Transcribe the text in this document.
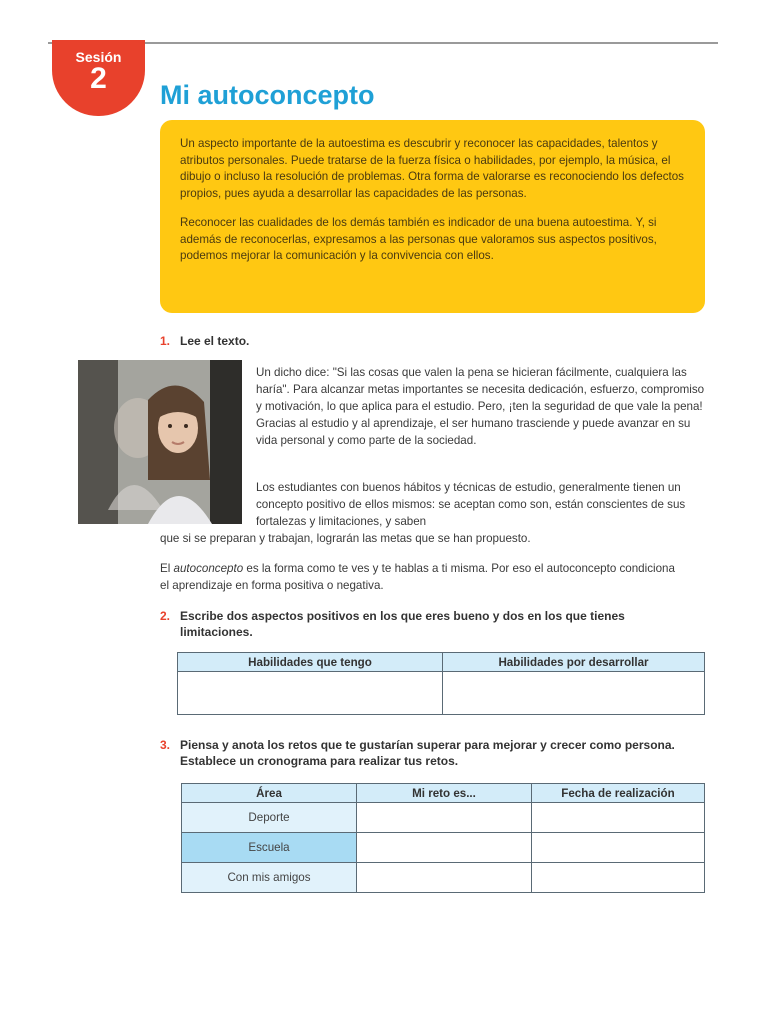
Sesión
2	Mi autoconcepto

Un aspecto importante de la autoestima es descubrir y reconocer las capacidades, talentos y atributos personales. Puede tratarse de la fuerza física o habilidades, por ejemplo, la música, el dibujo o incluso la resolución de problemas. Otra forma de valorarse es reconociendo los defectos propios, pues ayuda a desarrollar las capacidades de las personas.

Reconocer las cualidades de los demás también es indicador de una buena autoestima. Y, si además de reconocerlas, expresamos a las personas que valoramos sus aspectos positivos, podemos mejorar la comunicación y la convivencia con ellos.

1. Lee el texto.

Un dicho dice: "Si las cosas que valen la pena se hicieran fácilmente, cualquiera las haría". Para alcanzar metas importantes se necesita dedicación, esfuerzo, compromiso y motivación, lo que aplica para el estudio. Pero, ¡ten la seguridad de que vale la pena! Gracias al estudio y al aprendizaje, el ser humano trasciende y puede avanzar en su vida personal y como parte de la sociedad.

Los estudiantes con buenos hábitos y técnicas de estudio, generalmente tienen un concepto positivo de ellos mismos: se aceptan como son, están conscientes de sus fortalezas y limitaciones, y saben

que si se preparan y trabajan, lograrán las metas que se han propuesto.

El autoconcepto es la forma como te ves y te hablas a ti misma. Por eso el autoconcepto condiciona el aprendizaje en forma positiva o negativa.

2. Escribe dos aspectos positivos en los que eres bueno y dos en los que tienes limitaciones.
Habilidades que tengo	Habilidades por desarrollar

3. Piensa y anota los retos que te gustarían superar para mejorar y crecer como persona. Establece un cronograma para realizar tus retos.
Área	Mi reto es...	Fecha de realización
Deporte		
Escuela		
Con mis amigos		
